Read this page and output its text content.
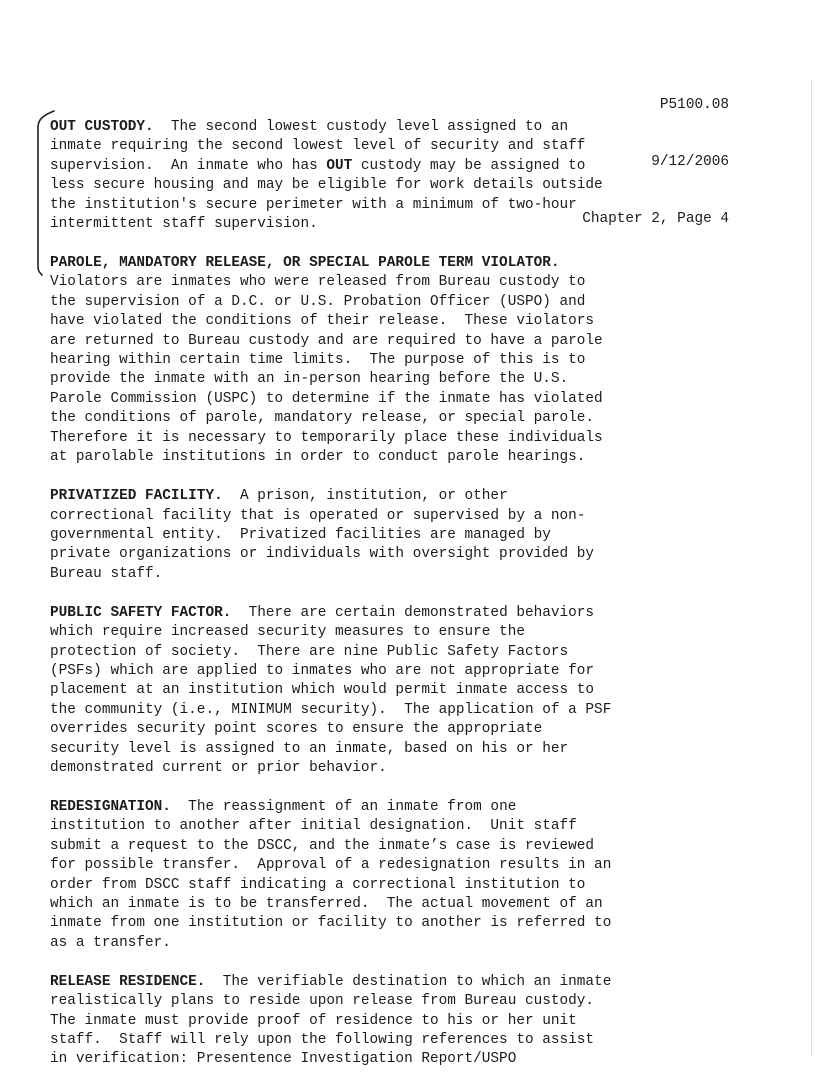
P5100.08

9/12/2006

Chapter 2, Page 4

OUT CUSTODY.  The second lowest custody level assigned to an
inmate requiring the second lowest level of security and staff
supervision.  An inmate who has OUT custody may be assigned to
less secure housing and may be eligible for work details outside
the institution's secure perimeter with a minimum of two-hour
intermittent staff supervision.
PAROLE, MANDATORY RELEASE, OR SPECIAL PAROLE TERM VIOLATOR.
Violators are inmates who were released from Bureau custody to
the supervision of a D.C. or U.S. Probation Officer (USPO) and
have violated the conditions of their release.  These violators
are returned to Bureau custody and are required to have a parole
hearing within certain time limits.  The purpose of this is to
provide the inmate with an in-person hearing before the U.S.
Parole Commission (USPC) to determine if the inmate has violated
the conditions of parole, mandatory release, or special parole.
Therefore it is necessary to temporarily place these individuals
at parolable institutions in order to conduct parole hearings.
PRIVATIZED FACILITY.  A prison, institution, or other
correctional facility that is operated or supervised by a non-
governmental entity.  Privatized facilities are managed by
private organizations or individuals with oversight provided by
Bureau staff.
PUBLIC SAFETY FACTOR.  There are certain demonstrated behaviors
which require increased security measures to ensure the
protection of society.  There are nine Public Safety Factors
(PSFs) which are applied to inmates who are not appropriate for
placement at an institution which would permit inmate access to
the community (i.e., MINIMUM security).  The application of a PSF
overrides security point scores to ensure the appropriate
security level is assigned to an inmate, based on his or her
demonstrated current or prior behavior.
REDESIGNATION.  The reassignment of an inmate from one
institution to another after initial designation.  Unit staff
submit a request to the DSCC, and the inmate’s case is reviewed
for possible transfer.  Approval of a redesignation results in an
order from DSCC staff indicating a correctional institution to
which an inmate is to be transferred.  The actual movement of an
inmate from one institution or facility to another is referred to
as a transfer.
RELEASE RESIDENCE.  The verifiable destination to which an inmate
realistically plans to reside upon release from Bureau custody.
The inmate must provide proof of residence to his or her unit
staff.  Staff will rely upon the following references to assist
in verification: Presentence Investigation Report/USPO
